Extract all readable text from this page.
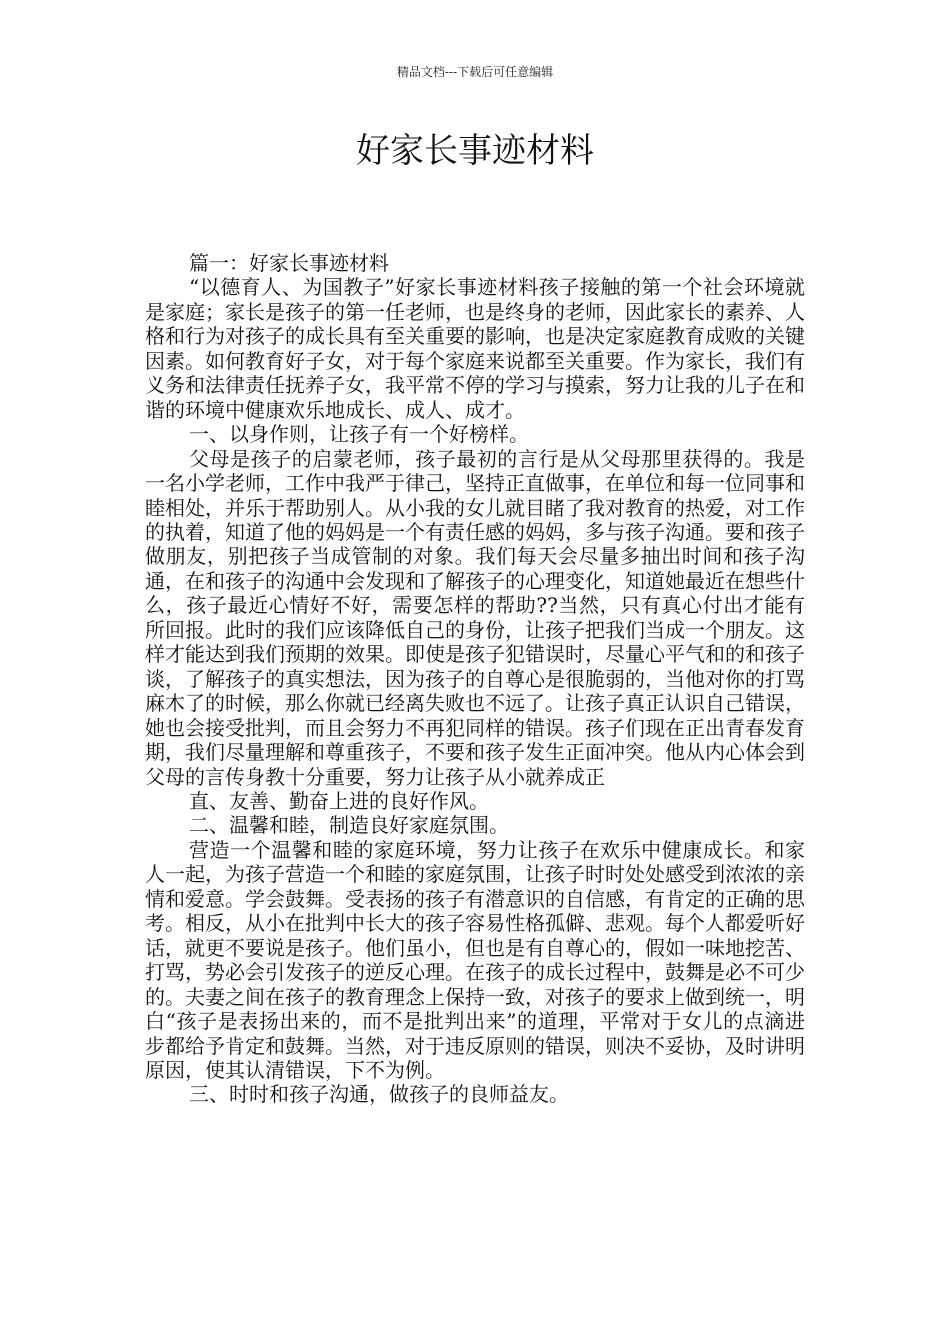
精品文档---下载后可任意编辑
好家长事迹材料

篇一：好家长事迹材料

“以德育人、为国教子”好家长事迹材料孩子接触的第一个社会环境就是家庭；家长是孩子的第一任老师，也是终身的老师，因此家长的素养、人格和行为对孩子的成长具有至关重要的影响，也是决定家庭教育成败的关键因素。如何教育好子女，对于每个家庭来说都至关重要。作为家长，我们有义务和法律责任抚养子女，我平常不停的学习与摸索，努力让我的儿子在和谐的环境中健康欢乐地成长、成人、成才。

一、以身作则，让孩子有一个好榜样。

父母是孩子的启蒙老师，孩子最初的言行是从父母那里获得的。我是一名小学老师，工作中我严于律己，坚持正直做事，在单位和每一位同事和睦相处，并乐于帮助别人。从小我的女儿就目睹了我对教育的热爱，对工作的执着，知道了他的妈妈是一个有责任感的妈妈，多与孩子沟通。要和孩子做朋友，别把孩子当成管制的对象。我们每天会尽量多抽出时间和孩子沟通，在和孩子的沟通中会发现和了解孩子的心理变化，知道她最近在想些什么，孩子最近心情好不好，需要怎样的帮助??当然，只有真心付出才能有所回报。此时的我们应该降低自己的身份，让孩子把我们当成一个朋友。这样才能达到我们预期的效果。即使是孩子犯错误时，尽量心平气和的和孩子谈，了解孩子的真实想法，因为孩子的自尊心是很脆弱的，当他对你的打骂麻木了的时候，那么你就已经离失败也不远了。让孩子真正认识自己错误，她也会接受批判，而且会努力不再犯同样的错误。孩子们现在正出青春发育期，我们尽量理解和尊重孩子，不要和孩子发生正面冲突。他从内心体会到父母的言传身教十分重要，努力让孩子从小就养成正

直、友善、勤奋上进的良好作风。

二、温馨和睦，制造良好家庭氛围。

营造一个温馨和睦的家庭环境，努力让孩子在欢乐中健康成长。和家人一起，为孩子营造一个和睦的家庭氛围，让孩子时时处处感受到浓浓的亲情和爱意。学会鼓舞。受表扬的孩子有潜意识的自信感，有肯定的正确的思考。相反，从小在批判中长大的孩子容易性格孤僻、悲观。每个人都爱听好话，就更不要说是孩子。他们虽小，但也是有自尊心的，假如一味地挖苦、打骂，势必会引发孩子的逆反心理。在孩子的成长过程中，鼓舞是必不可少的。夫妻之间在孩子的教育理念上保持一致，对孩子的要求上做到统一，明白“孩子是表扬出来的，而不是批判出来”的道理，平常对于女儿的点滴进步都给予肯定和鼓舞。当然，对于违反原则的错误，则决不妥协，及时讲明原因，使其认清错误，下不为例。

三、时时和孩子沟通，做孩子的良师益友。
